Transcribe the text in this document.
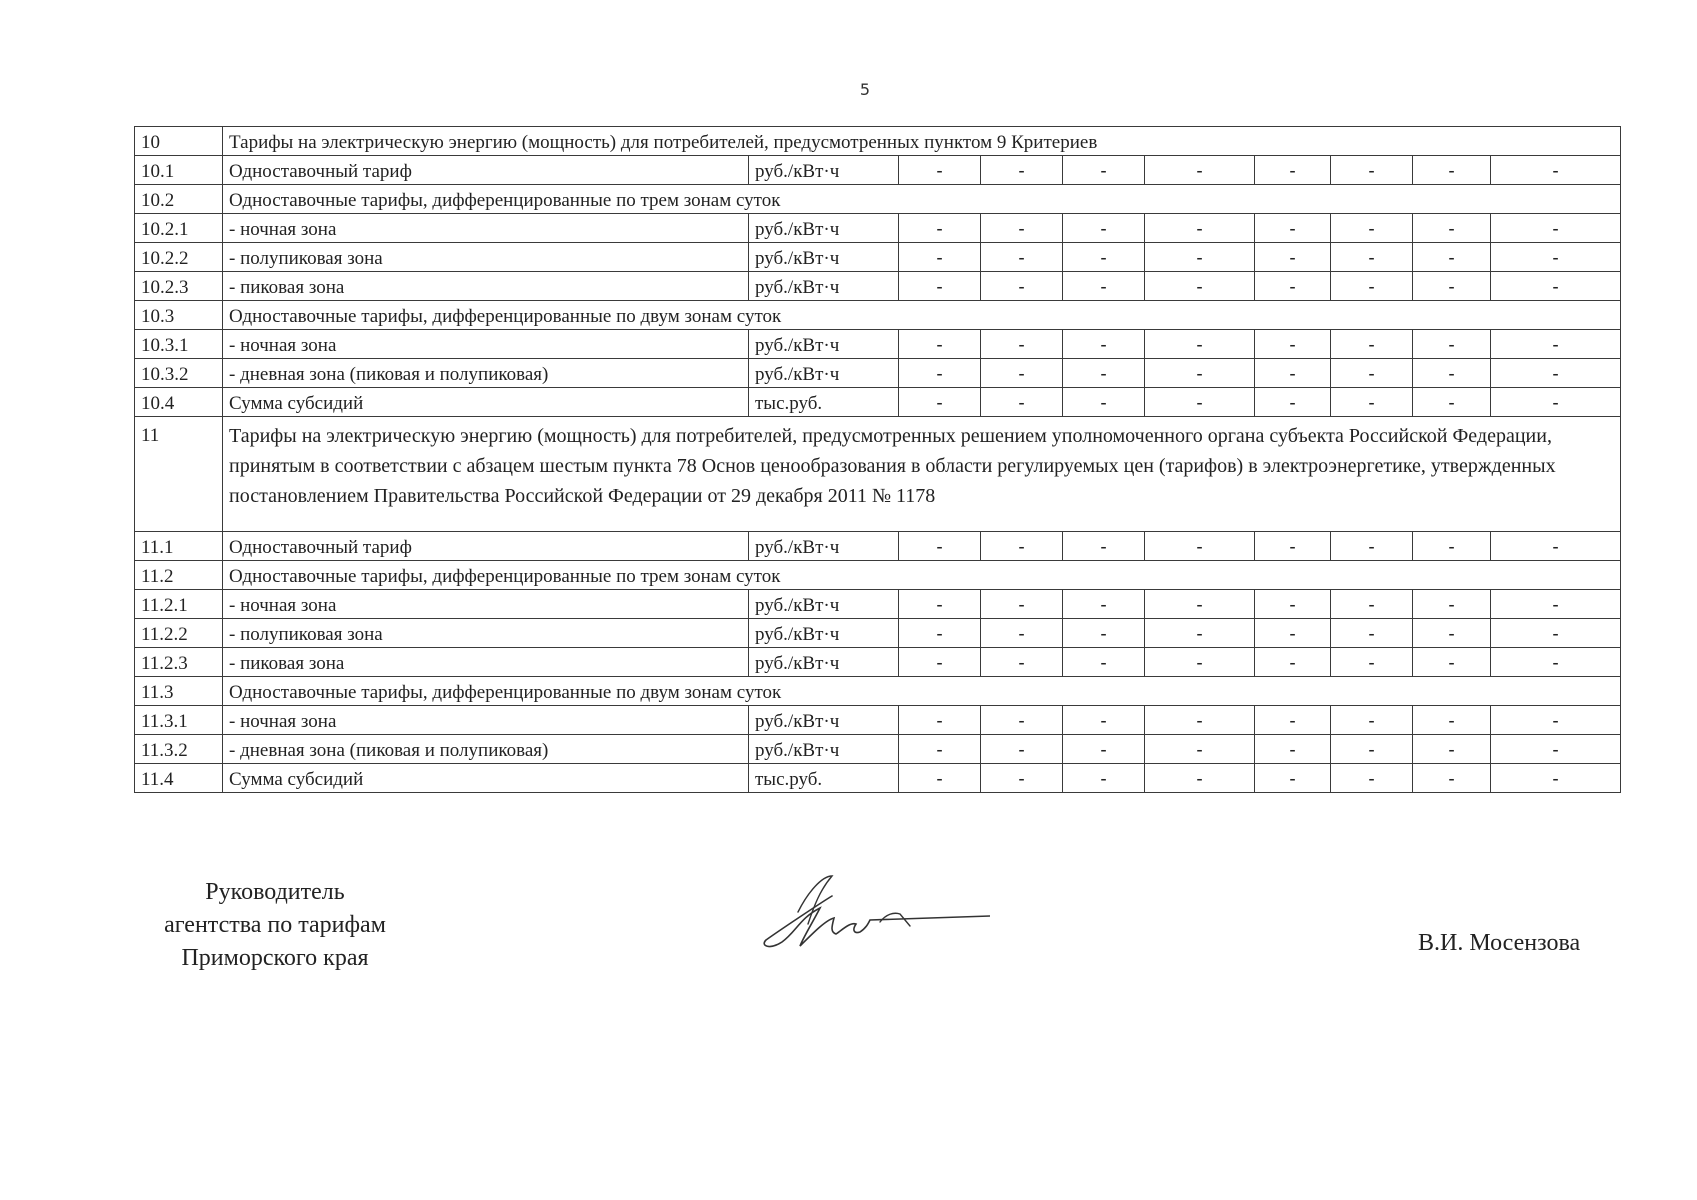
5
10	Тарифы на электрическую энергию (мощность) для потребителей, предусмотренных пунктом 9 Критериев									
10.1	Одноставочный тариф	руб./кВт·ч	-	-	-	-	-	-	-	-
10.2	Одноставочные тарифы, дифференцированные по трем зонам суток									
10.2.1	- ночная зона	руб./кВт·ч	-	-	-	-	-	-	-	-
10.2.2	- полупиковая зона	руб./кВт·ч	-	-	-	-	-	-	-	-
10.2.3	- пиковая зона	руб./кВт·ч	-	-	-	-	-	-	-	-
10.3	Одноставочные тарифы, дифференцированные по двум зонам суток									
10.3.1	- ночная зона	руб./кВт·ч	-	-	-	-	-	-	-	-
10.3.2	- дневная зона (пиковая и полупиковая)	руб./кВт·ч	-	-	-	-	-	-	-	-
10.4	Сумма субсидий	тыс.руб.	-	-	-	-	-	-	-	-
11	Тарифы на электрическую энергию (мощность) для потребителей, предусмотренных решением уполномоченного органа субъекта Российской Федерации, принятым в соответствии с абзацем шестым пункта 78 Основ ценообразования в области регулируемых цен (тарифов) в электроэнергетике, утвержденных постановлением Правительства Российской Федерации от 29 декабря 2011 № 1178									
11.1	Одноставочный тариф	руб./кВт·ч	-	-	-	-	-	-	-	-
11.2	Одноставочные тарифы, дифференцированные по трем зонам суток									
11.2.1	- ночная зона	руб./кВт·ч	-	-	-	-	-	-	-	-
11.2.2	- полупиковая зона	руб./кВт·ч	-	-	-	-	-	-	-	-
11.2.3	- пиковая зона	руб./кВт·ч	-	-	-	-	-	-	-	-
11.3	Одноставочные тарифы, дифференцированные по двум зонам суток									
11.3.1	- ночная зона	руб./кВт·ч	-	-	-	-	-	-	-	-
11.3.2	- дневная зона (пиковая и полупиковая)	руб./кВт·ч	-	-	-	-	-	-	-	-
11.4	Сумма субсидий	тыс.руб.	-	-	-	-	-	-	-	-
Руководитель
агентства по тарифам
Приморского края
В.И. Мосензова
